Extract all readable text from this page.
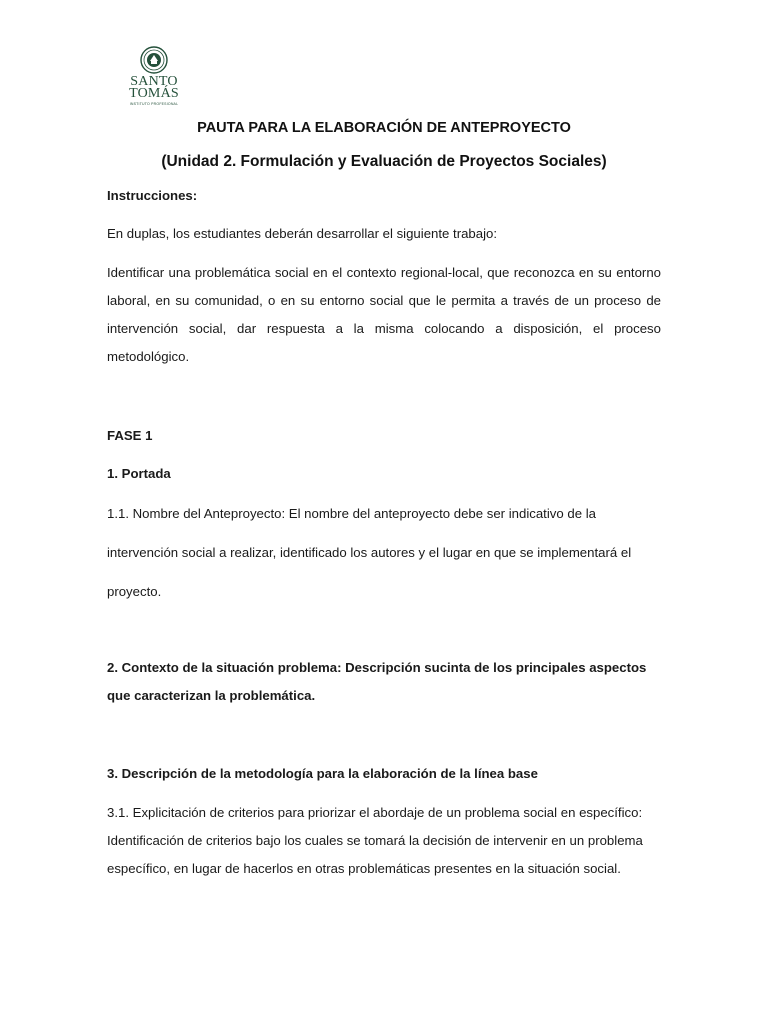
SANTO
TOMÁS
INSTITUTO PROFESIONAL
PAUTA PARA LA ELABORACIÓN DE ANTEPROYECTO
(Unidad 2. Formulación y Evaluación de Proyectos Sociales)
Instrucciones:
En duplas, los estudiantes deberán desarrollar el siguiente trabajo:
Identificar una problemática social en el contexto regional-local, que reconozca en su entorno laboral, en su comunidad, o en su entorno social que le permita a través de un proceso de intervención social, dar respuesta a la misma colocando a disposición, el proceso metodológico.
FASE 1
1. Portada
1.1. Nombre del Anteproyecto: El nombre del anteproyecto debe ser indicativo de la intervención social a realizar, identificado los autores y el lugar en que se implementará el proyecto.
2. Contexto de la situación problema: Descripción sucinta de los principales aspectos que caracterizan la problemática.
3. Descripción de la metodología para la elaboración de la línea base
3.1. Explicitación de criterios para priorizar el abordaje de un problema social en específico: Identificación de criterios bajo los cuales se tomará la decisión de intervenir en un problema específico, en lugar de hacerlos en otras problemáticas presentes en la situación social.
